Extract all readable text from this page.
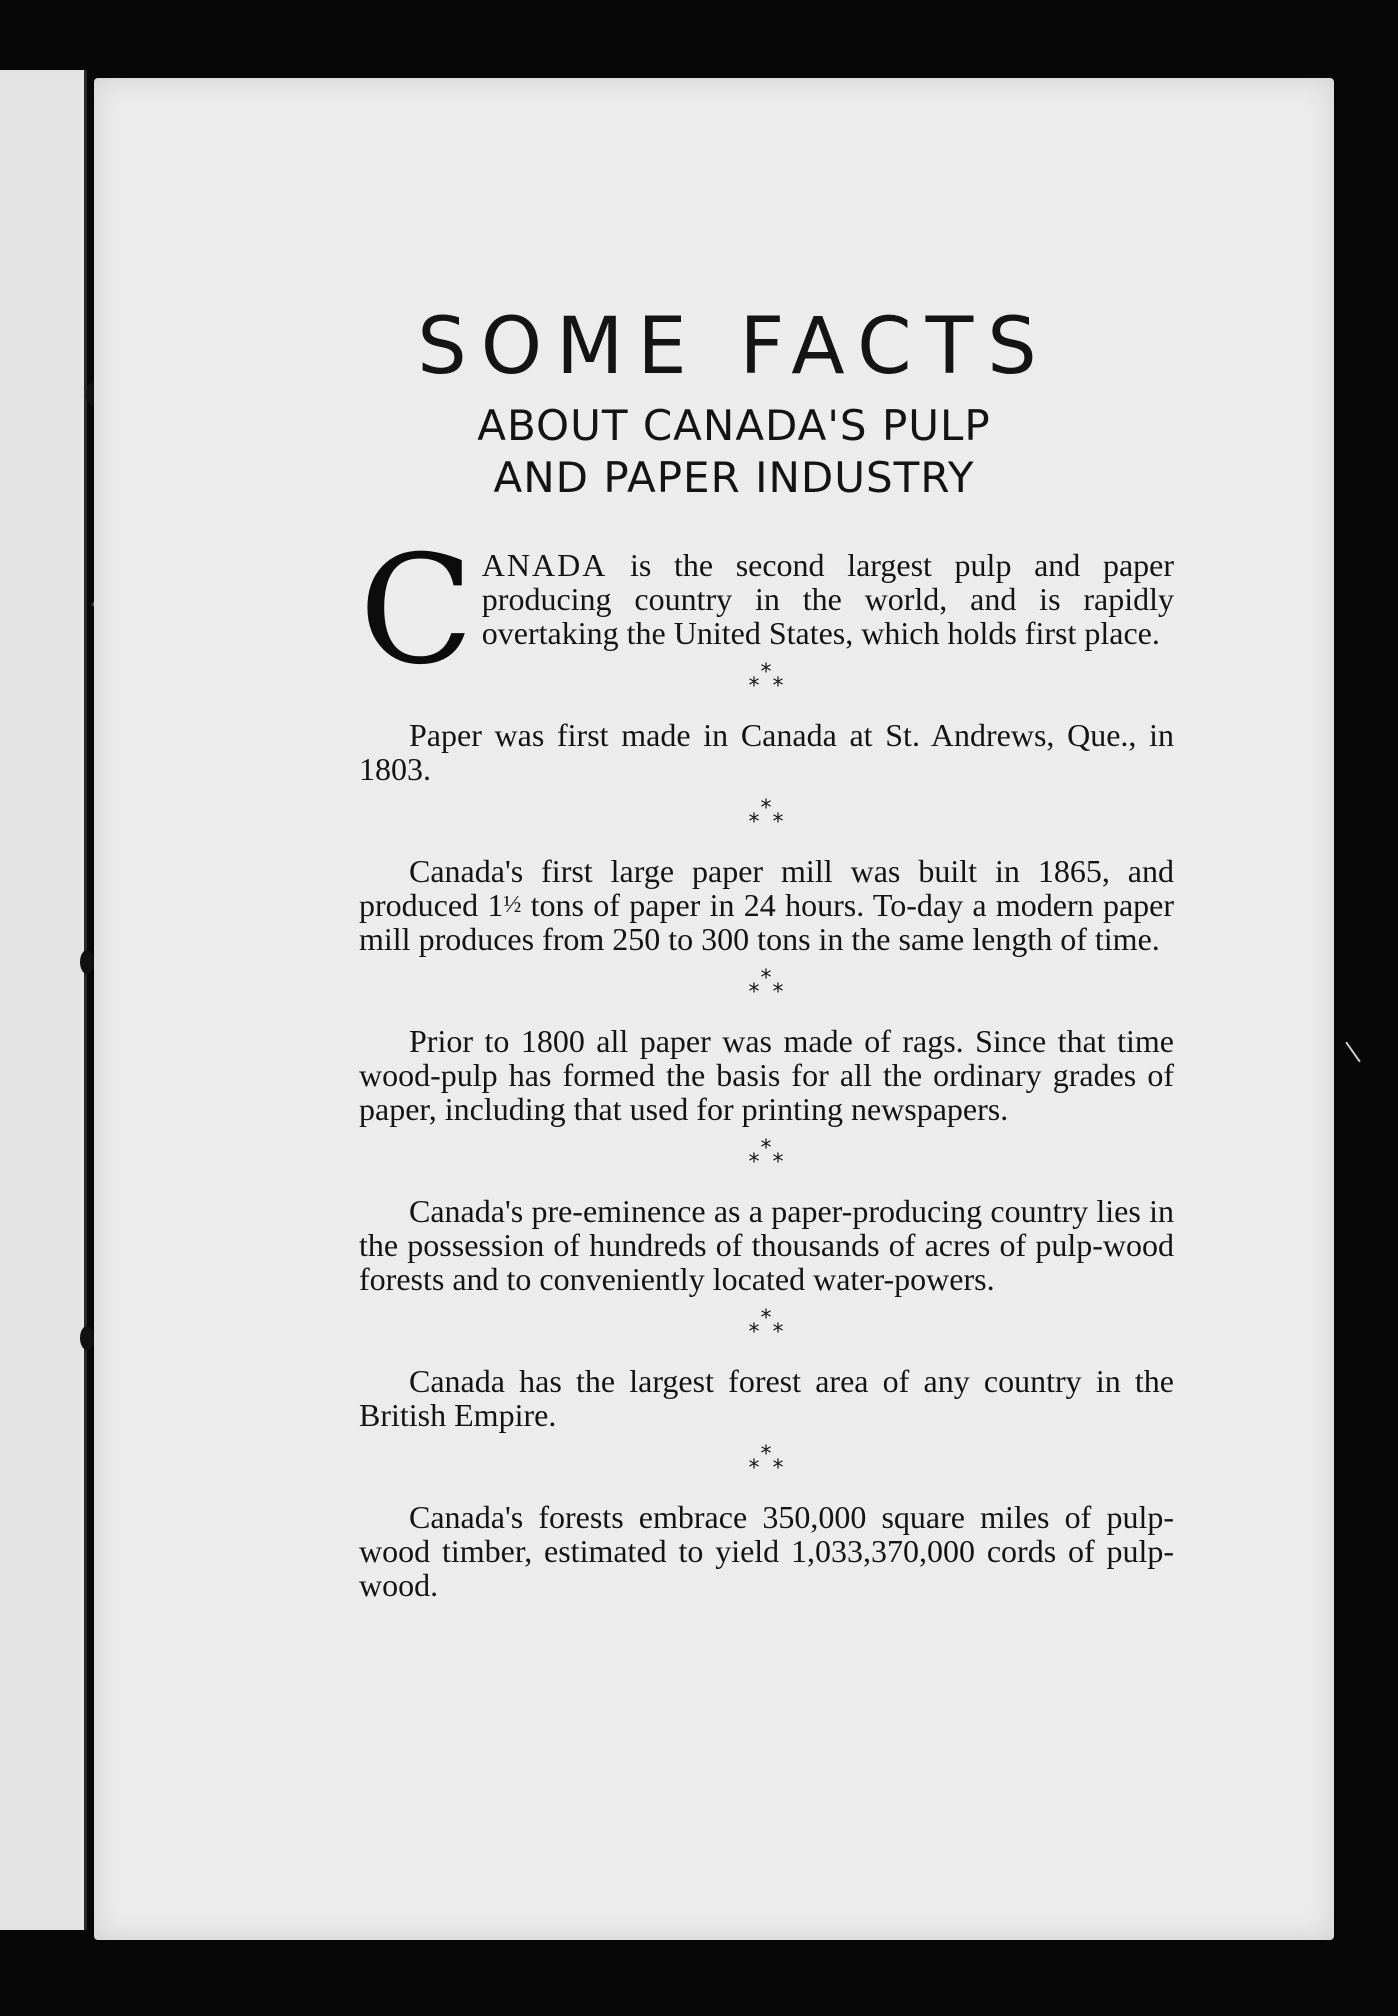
SOME FACTS
ABOUT CANADA'S PULP
AND PAPER INDUSTRY

CANADA is the second largest pulp and paper producing country in the world, and is rapidly overtaking the United States, which holds first place.

*
* *

Paper was first made in Canada at St. Andrews, Que., in 1803.

*
* *

Canada's first large paper mill was built in 1865, and produced 1½ tons of paper in 24 hours. To-day a modern paper mill produces from 250 to 300 tons in the same length of time.

*
* *

Prior to 1800 all paper was made of rags. Since that time wood-pulp has formed the basis for all the ordinary grades of paper, including that used for printing newspapers.

*
* *

Canada's pre-eminence as a paper-producing country lies in the possession of hundreds of thousands of acres of pulp-wood forests and to conveniently located water-powers.

*
* *

Canada has the largest forest area of any country in the British Empire.

*
* *

Canada's forests embrace 350,000 square miles of pulp-wood timber, estimated to yield 1,033,370,000 cords of pulp-wood.
